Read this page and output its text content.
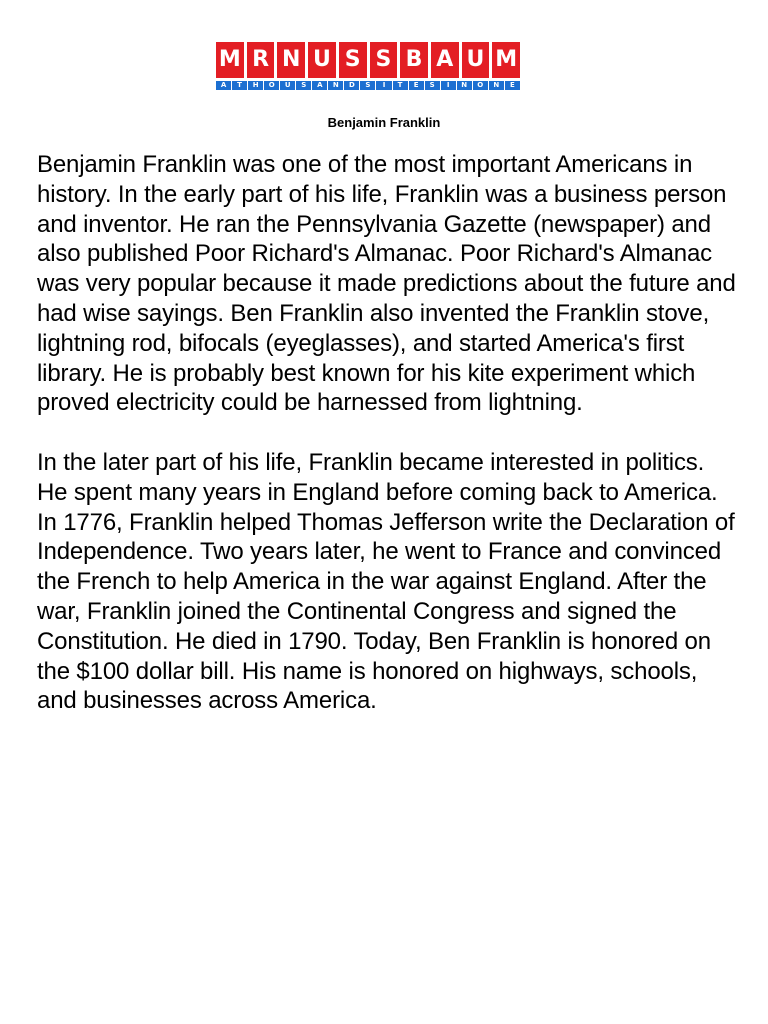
M R N U S S B A U M
A	T	H	O	U	S	A	N	D	S	I	T	E	S	I	N	O	N	E
Benjamin Franklin

Benjamin Franklin was one of the most important Americans in history. In the early part of his life, Franklin was a business person and inventor. He ran the Pennsylvania Gazette (newspaper) and also published Poor Richard's Almanac. Poor Richard's Almanac was very popular because it made predictions about the future and had wise sayings. Ben Franklin also invented the Franklin stove, lightning rod, bifocals (eyeglasses), and started America's first library. He is probably best known for his kite experiment which proved electricity could be harnessed from lightning.

In the later part of his life, Franklin became interested in politics. He spent many years in England before coming back to America. In 1776, Franklin helped Thomas Jefferson write the Declaration of Independence. Two years later, he went to France and convinced the French to help America in the war against England. After the war, Franklin joined the Continental Congress and signed the Constitution. He died in 1790. Today, Ben Franklin is honored on the $100 dollar bill. His name is honored on highways, schools, and businesses across America.
